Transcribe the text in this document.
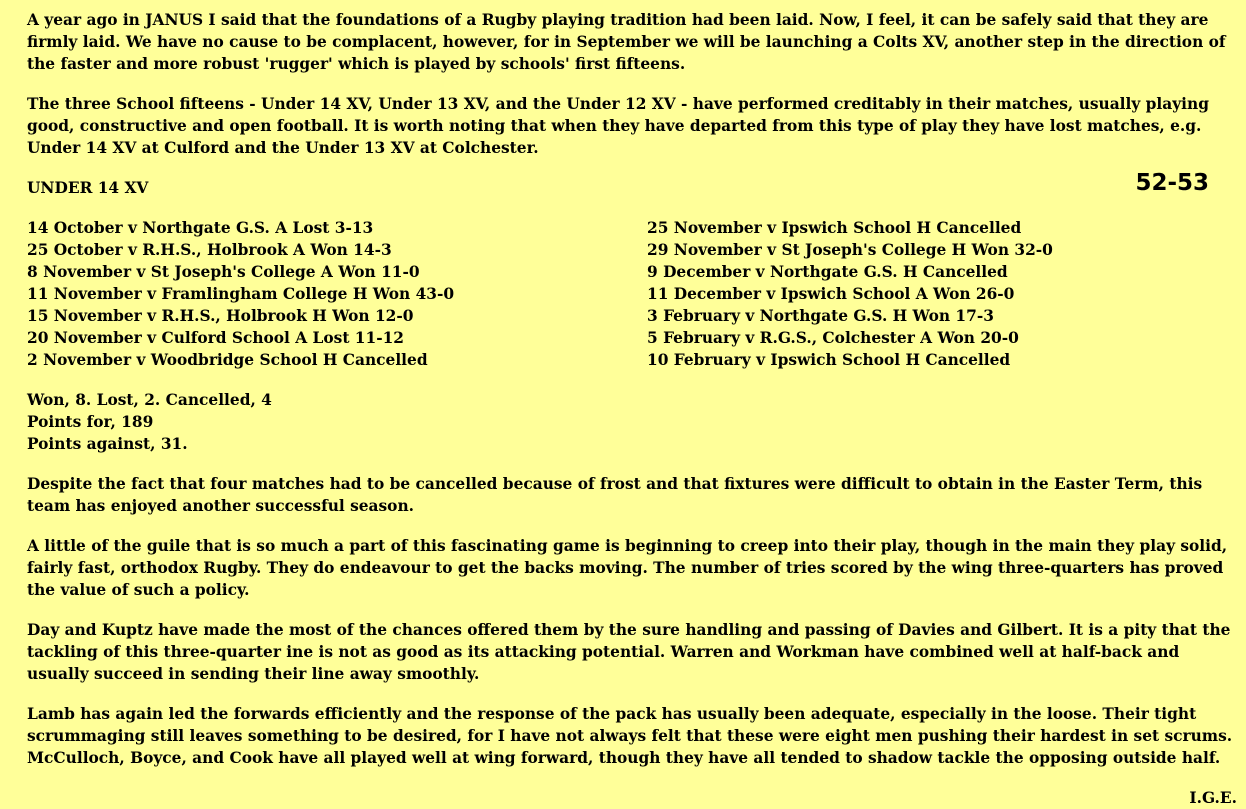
A year ago in JANUS I said that the foundations of a Rugby playing tradition had been laid. Now, I feel, it can be safely said that they are firmly laid. We have no cause to be complacent, however, for in September we will be launching a Colts XV, another step in the direction of the faster and more robust 'rugger' which is played by schools' first fifteens.

The three School fifteens - Under 14 XV, Under 13 XV, and the Under 12 XV - have performed creditably in their matches, usually playing good, constructive and open football. It is worth noting that when they have departed from this type of play they have lost matches, e.g. Under 14 XV at Culford and the Under 13 XV at Colchester.

UNDER 14 XV	52-53
14 October v Northgate G.S. A Lost 3-13
25 October v R.H.S., Holbrook A Won 14-3
8 November v St Joseph's College A Won 11-0
11 November v Framlingham College H Won 43-0
15 November v R.H.S., Holbrook H Won 12-0
20 November v Culford School A Lost 11-12
2 November v Woodbridge School H Cancelled
25 November v Ipswich School H Cancelled
29 November v St Joseph's College H Won 32-0
9 December v Northgate G.S. H Cancelled
11 December v Ipswich School A Won 26-0
3 February v Northgate G.S. H Won 17-3
5 February v R.G.S., Colchester A Won 20-0
10 February v Ipswich School H Cancelled
Won, 8. Lost, 2. Cancelled, 4
Points for, 189
Points against, 31.

Despite the fact that four matches had to be cancelled because of frost and that fixtures were difficult to obtain in the Easter Term, this team has enjoyed another successful season.

A little of the guile that is so much a part of this fascinating game is beginning to creep into their play, though in the main they play solid, fairly fast, orthodox Rugby. They do endeavour to get the backs moving. The number of tries scored by the wing three-quarters has proved the value of such a policy.

Day and Kuptz have made the most of the chances offered them by the sure handling and passing of Davies and Gilbert. It is a pity that the tackling of this three-quarter ine is not as good as its attacking potential. Warren and Workman have combined well at half-back and usually succeed in sending their line away smoothly.

Lamb has again led the forwards efficiently and the response of the pack has usually been adequate, especially in the loose. Their tight scrummaging still leaves something to be desired, for I have not always felt that these were eight men pushing their hardest in set scrums. McCulloch, Boyce, and Cook have all played well at wing forward, though they have all tended to shadow tackle the opposing outside half.

I.G.E.
